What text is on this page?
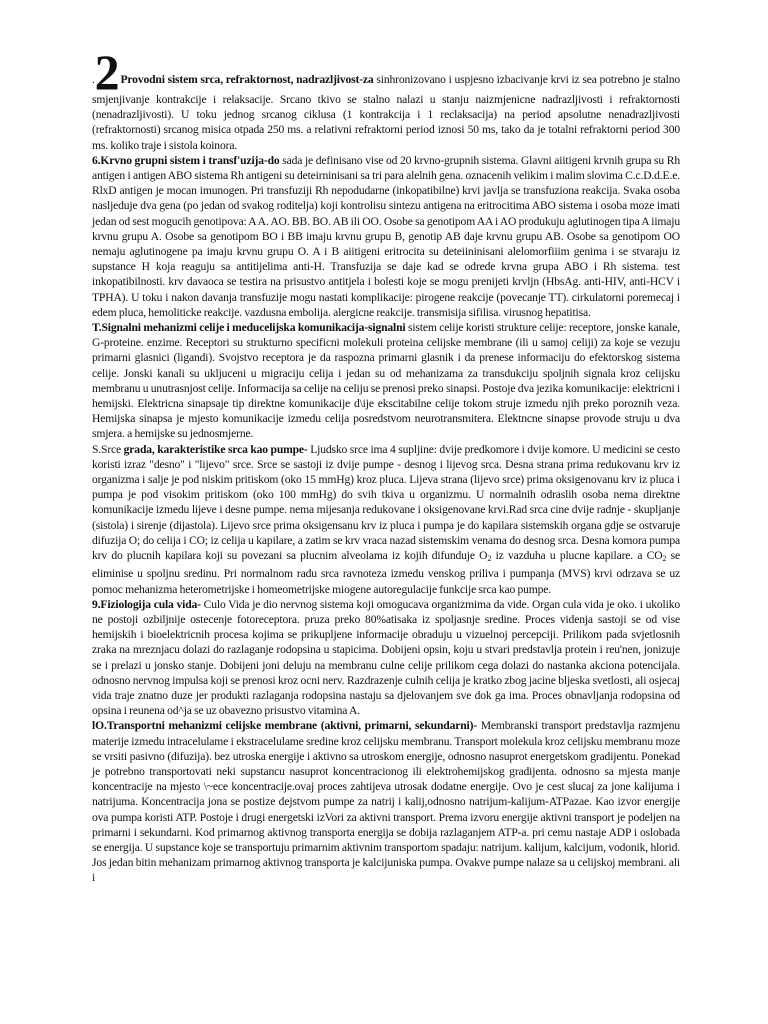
.2Provodni sistem srca, refraktornost, nadrazljivost-za sinhronizovano i uspjesno izbacivanje krvi iz sea potrebno je stalno smjenjivanje kontrakcije i relaksacije. Srcano tkivo se stalno nalazi u stanju naizmjenicne nadrazljivosti i refraktornosti (nenadrazljivosti). U toku jednog srcanog ciklusa (1 kontrakcija i 1 reclaksacija) na period apsolutne nenadrazljivosti (refraktornosti) srcanog misica otpada 250 ms. a relativni refraktorni period iznosi 50 ms, tako da je totalni refraktorni period 300 ms. koliko traje i sistola koinora.

6.Krvno grupni sistem i transf'uzija-do sada je definisano vise od 20 krvno-grupnih sistema. Glavni aiitigeni krvnih grupa su Rh antigen i antigen ABO sistema Rh antigeni su deteirninisani sa tri para alelnih gena. oznacenih velikim i malim slovima C.c.D.d.E.e. RlxD antigen je mocan imunogen. Pri transfuziji Rh nepodudarne (inkopatibilne) krvi javlja se transfuziona reakcija. Svaka osoba nasljeduje dva gena (po jedan od svakog roditelja) koji kontrolisu sintezu antigena na eritrocitima ABO sistema i osoba moze imati jedan od sest mogucih genotipova: A A. AO. BB. BO. AB ili OO. Osobe sa genotipom AA i AO produkuju aglutinogen tipa A iimaju krvnu grupu A. Osobe sa genotipom BO i BB imaju krvnu grupu B, genotip AB daje krvnu grupu AB. Osobe sa genotipom OO nemaju aglutinogene pa imaju krvnu grupu O. A i B aiitigeni eritrocita su deteiininisani alelomorfiiim genima i se stvaraju iz supstance H koja reaguju sa antitijelima anti-H. Transfuzija se daje kad se odrede krvna grupa ABO i Rh sistema. test inkopatibilnosti. krv davaoca se testira na prisustvo antitjela i bolesti koje se mogu prenijeti krvljn (HbsAg. anti-HIV, anti-HCV i TPHA). U toku i nakon davanja transfuzije mogu nastati komplikacije: pirogene reakcije (povecanje TT). cirkulatorni poremecaj i edem pluca, hemoliticke reakcije. vazdusna embolija. alergicne reakcije. transmisija sifilisa. virusnog hepatitisa.

T.Signalni mehanizmi celije i meducelijska komunikacija-signalni sistem celije koristi strukture celije: receptore, jonske kanale, G-proteine. enzime. Receptori su strukturno specificni molekuli proteina celijske membrane (ili u samoj celiji) za koje se vezuju primarni glasnici (ligandi). Svojstvo receptora je da raspozna primarni glasnik i da prenese informaciju do efektorskog sistema celije. Jonski kanali su ukljuceni u migraciju celija i jedan su od mehanizama za transdukciju spoljnih signala kroz celijsku membranu u unutrasnjost celije. Informacija sa celije na celiju se prenosi preko sinapsi. Postoje dva jezika komunikacije: elektricni i hemijski. Elektricna sinapsaje tip direktne komunikacije d\ije ekscitabilne celije tokom struje izmedu njih preko poroznih veza. Hemijska sinapsa je mjesto komunikacije izmedu celija posredstvom neurotransmitera. Elektncne sinapse provode struju u dva smjera. a hemijske su jednosmjerne.

S.Srce grada, karakteristike srca kao pumpe- Ljudsko srce ima 4 supljine: dvije predkomore i dvije komore. U medicini se cesto koristi izraz "desno" i "lijevo" srce. Srce se sastoji iz dvije pumpe - desnog i lijevog srca. Desna strana prima redukovanu krv iz organizma i salje je pod niskim pritiskom (oko 15 mmHg) kroz pluca. Lijeva strana (lijevo srce) prima oksigenovanu krv iz pluca i pumpa je pod visokim pritiskom (oko 100 mmHg) do svih tkiva u organizmu. U normalnih odraslih osoba nema direktne komunikacije izmedu lijeve i desne pumpe. nema mijesanja redukovane i oksigenovane krvi.Rad srca cine dvije radnje - skupljanje (sistola) i sirenje (dijastola). Lijevo srce prima oksigensanu krv iz pluca i pumpa je do kapilara sistemskih organa gdje se ostvaruje difuzija O; do celija i CO; iz celija u kapilare, a zatim se krv vraca nazad sistemskim venama do desnog srca. Desna komora pumpa krv do plucnih kapilara koji su povezani sa plucnim alveolama iz kojih difunduje $O_2$ iz vazduha u plucne kapilare. a $CO_2$ se eliminise u spoljnu sredinu. Pri normalnom radu srca ravnoteza izmedu venskog priliva i pumpanja (MVS) krvi odrzava se uz pomoc mehanizma heterometrijske i homeometrijske miogene autoregulacije funkcije srca kao pumpe.

9.Fiziologija cula vida- Culo Vida je dio nervnog sistema koji omogucava organizmima da vide. Organ cula vida je oko. i ukoliko ne postoji ozbiljnije ostecenje fotoreceptora. pruza preko 80%atisaka iz spoljasnje sredine. Proces videnja sastoji se od vise hemijskih i bioelektricnih procesa kojima se prikupljene informacije obraduju u vizuelnoj percepciji. Prilikom pada svjetlosnih zraka na mreznjacu dolazi do razlaganje rodopsina u stapicima. Dobijeni opsin, koju u stvari predstavlja protein i reu'nen, jonizuje se i prelazi u jonsko stanje. Dobijeni joni deluju na membranu culne celije prilikom cega dolazi do nastanka akciona potencijala. odnosno nervnog impulsa koji se prenosi kroz ocni nerv. Razdrazenje culnih celija je kratko zbog jacine bljeska svetlosti, ali osjecaj vida traje znatno duze jer produkti razlaganja rodopsina nastaju sa djelovanjem sve dok ga ima. Proces obnavljanja rodopsina od opsina i reunena od^ja se uz obavezno prisustvo vitamina A.

lO.Transportni mehanizmi celijske membrane (aktivni, primarni, sekundarni)- Membranski transport predstavlja razmjenu materije izmedu intracelulame i ekstracelulame sredine kroz celijsku membranu. Transport molekula kroz celijsku membranu moze se vrsiti pasivno (difuzija). bez utroska energije i aktivno sa utroskom energije, odnosno nasuprot energetskom gradijentu. Ponekad je potrebno transportovati neki supstancu nasuprot koncentracionog ili elektrohemijskog gradijenta. odnosno sa mjesta manje koncentracije na mjesto \~ece koncentracije.ovaj proces zahtijeva utrosak dodatne energije. Ovo je cest slucaj za jone kalijuma i natrijuma. Koncentracija jona se postize dejstvom pumpe za natrij i kalij,odnosno natrijum-kalijum-ATPazae. Kao izvor energije ova pumpa koristi ATP. Postoje i drugi energetski izVori za aktivni transport. Prema izvoru energije aktivni transport je podeljen na primarni i sekundarni. Kod primarnog aktivnog transporta energija se dobija razlaganjem ATP-a. pri cemu nastaje ADP i oslobada se energija. U supstance koje se transportuju primarnim aktivnim transportom spadaju: natrijum. kalijum, kalcijum, vodonik, hlorid. Jos jedan bitin mehanizam primarnog aktivnog transporta je kalcijuniska pumpa. Ovakve pumpe nalaze sa u celijskoj membrani. ali i
